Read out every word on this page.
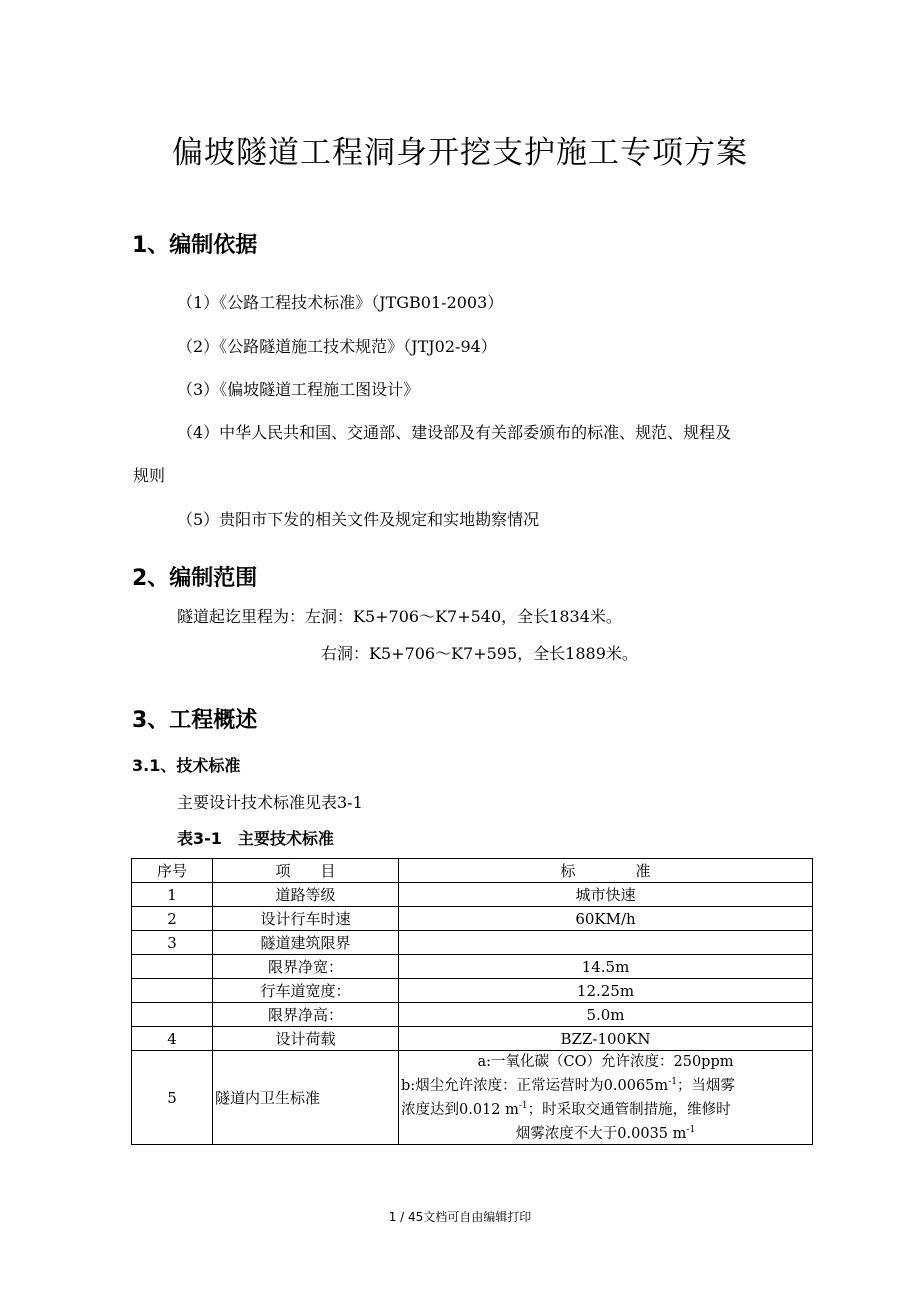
偏坡隧道工程洞身开挖支护施工专项方案
1、编制依据
（1）《公路工程技术标准》（JTGB01-2003）
（2）《公路隧道施工技术规范》（JTJ02-94）
（3）《偏坡隧道工程施工图设计》
（4）中华人民共和国、交通部、建设部及有关部委颁布的标准、规范、规程及
规则
（5）贵阳市下发的相关文件及规定和实地勘察情况
2、编制范围
隧道起讫里程为：左洞：K5+706～K7+540，全长1834米。
右洞：K5+706～K7+595，全长1889米。
3、工程概述
3.1、技术标准
主要设计技术标准见表3-1
表3-1　主要技术标准
序号	项　　目	标　　　　准
1	道路等级	城市快速
2	设计行车时速	60KM/h
3	隧道建筑限界	
	限界净宽：	14.5m
	行车道宽度：	12.25m
	限界净高：	5.0m
4	设计荷载	BZZ-100KN
5	隧道内卫生标准	a:一氧化碳（CO）允许浓度：250ppm
b:烟尘允许浓度：正常运营时为$0.0065m^{-1}$；当烟雾
浓度达到0.012 $m^{-1}$；时采取交通管制措施，维修时
烟雾浓度不大于0.0035 $m^{-1}$
1 / 45文档可自由编辑打印
